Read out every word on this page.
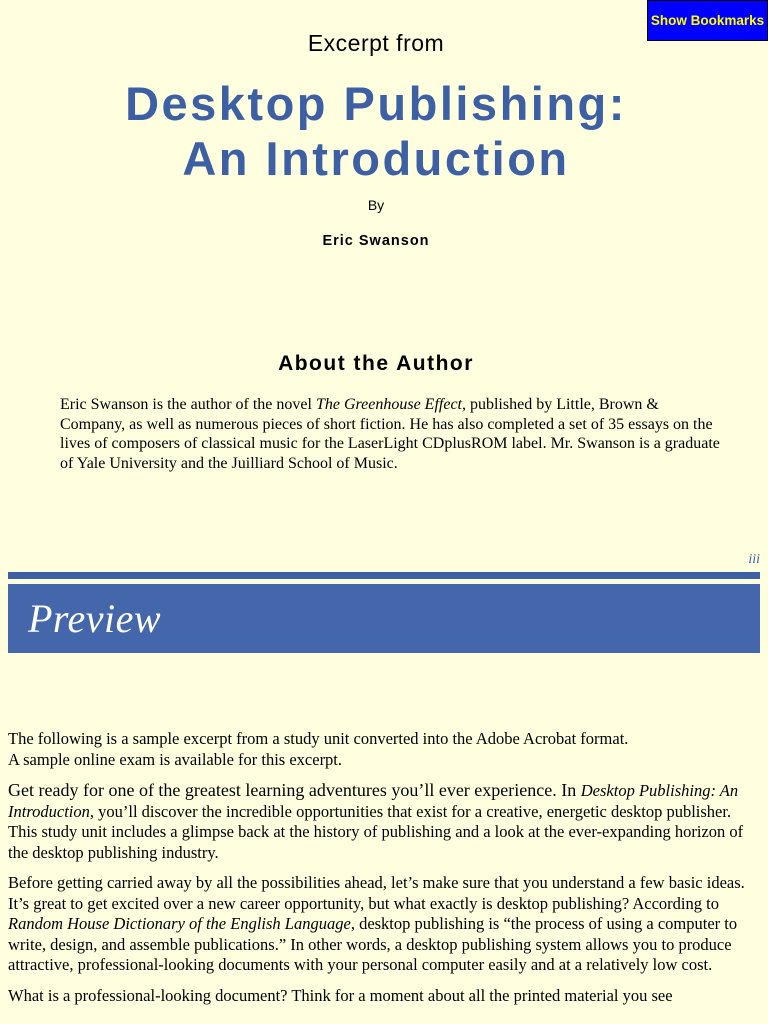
Show Bookmarks
Excerpt from
Desktop Publishing:
An Introduction
By
Eric Swanson
About the Author
Eric Swanson is the author of the novel The Greenhouse Effect, published by Little, Brown & Company, as well as numerous pieces of short fiction. He has also completed a set of 35 essays on the lives of composers of classical music for the LaserLight CDplusROM label. Mr. Swanson is a graduate of Yale University and the Juilliard School of Music.
iii
Preview

The following is a sample excerpt from a study unit converted into the Adobe Acrobat format.
A sample online exam is available for this excerpt.

Get ready for one of the greatest learning adventures you’ll ever experience. In Desktop Publishing: An Introduction, you’ll discover the incredible opportunities that exist for a creative, energetic desktop publisher. This study unit includes a glimpse back at the history of publishing and a look at the ever-expanding horizon of the desktop publishing industry.

Before getting carried away by all the possibilities ahead, let’s make sure that you understand a few basic ideas. It’s great to get excited over a new career opportunity, but what exactly is desktop publishing? According to Random House Dictionary of the English Language, desktop publishing is “the process of using a computer to write, design, and assemble publications.” In other words, a desktop publishing system allows you to produce attractive, professional-looking documents with your personal computer easily and at a relatively low cost.

What is a professional-looking document? Think for a moment about all the printed material you see
